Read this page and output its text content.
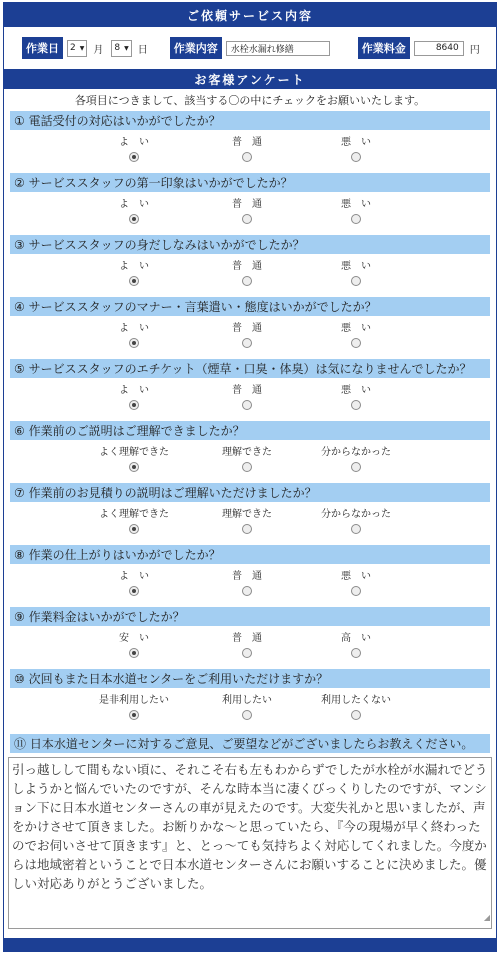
ご依頼サービス内容
作業日	2 ▼ 月 8 ▼ 日	作業内容	水栓水漏れ修繕	作業料金	8640	円
お客様アンケート
各項目につきまして、該当する〇の中にチェックをお願いいたします。
① 電話受付の対応はいかがでしたか？
よ　い	普　通	悪　い
② サービススタッフの第一印象はいかがでしたか？
よ　い	普　通	悪　い
③ サービススタッフの身だしなみはいかがでしたか？
よ　い	普　通	悪　い
④ サービススタッフのマナー・言葉遣い・態度はいかがでしたか？
よ　い	普　通	悪　い
⑤ サービススタッフのエチケット（煙草・口臭・体臭）は気になりませんでしたか？
よ　い	普　通	悪　い
⑥ 作業前のご説明はご理解できましたか？
よく理解できた	理解できた	分からなかった
⑦ 作業前のお見積りの説明はご理解いただけましたか？
よく理解できた	理解できた	分からなかった
⑧ 作業の仕上がりはいかがでしたか？
よ　い	普　通	悪　い
⑨ 作業料金はいかがでしたか？
安　い	普　通	高　い
⑩ 次回もまた日本水道センターをご利用いただけますか？
是非利用したい	利用したい	利用したくない
⑪ 日本水道センターに対するご意見、ご要望などがございましたらお教えください。
引っ越しして間もない頃に、それこそ右も左もわからずでしたが水栓が水漏れでどうしようかと悩んでいたのですが、そんな時本当に凄くびっくりしたのですが、マンション下に日本水道センターさんの車が見えたのです。大変失礼かと思いましたが、声をかけさせて頂きました。お断りかな～と思っていたら、『今の現場が早く終わったのでお伺いさせて頂きます』と、とっ～ても気持ちよく対応してくれました。今度からは地域密着ということで日本水道センターさんにお願いすることに決めました。優しい対応ありがとうございました。
◢
